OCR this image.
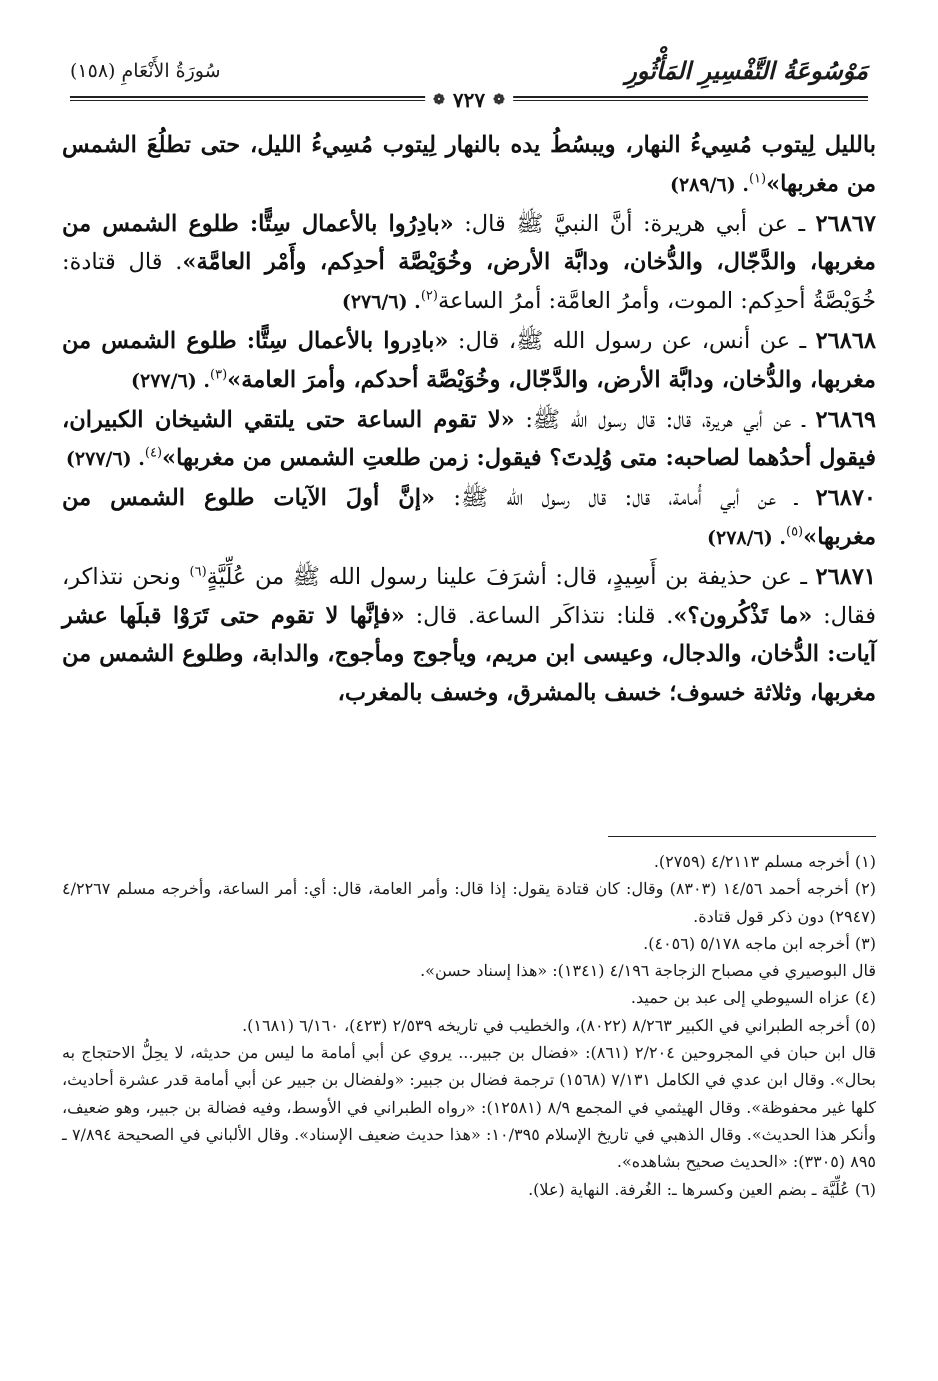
مَوْسُوعَةُ التَّفْسِيرِ المَأْثُورِ
سُورَةُ الأَنْعَامِ (١٥٨)
❁
٧٢٧
❁

بالليل لِيتوب مُسِيءُ النهار، ويبسُطُ يده بالنهار لِيتوب مُسِيءُ الليل، حتى تطلُعَ الشمس من مغربها»$^{(١)}$. (٢٨٩/٦)

٢٦٨٦٧ ـ عن أبي هريرة: أنَّ النبيَّ ﷺ قال: «بادِرُوا بالأعمال سِتًّا: طلوع الشمس من مغربها، والدَّجّال، والدُّخان، ودابَّة الأرض، وخُوَيْصَّة أحدِكم، وأَمْر العامَّة». قال قتادة: خُوَيْصَّةُ أحدِكم: الموت، وأمرُ العامَّة: أمرُ الساعة$^{(٢)}$. (٢٧٦/٦)

٢٦٨٦٨ ـ عن أنس، عن رسول الله ﷺ، قال: «بادِروا بالأعمال سِتًّا: طلوع الشمس من مغربها، والدُّخان، ودابَّة الأرض، والدَّجّال، وخُوَيْصَّة أحدكم، وأمرَ العامة»$^{(٣)}$. (٢٧٧/٦)

٢٦٨٦٩ ـ عن أبي هريرة، قال: قال رسول الله ﷺ: «لا تقوم الساعة حتى يلتقي الشيخان الكبيران، فيقول أحدُهما لصاحبه: متى وُلِدتَ؟ فيقول: زمن طلعتِ الشمس من مغربها»$^{(٤)}$. (٢٧٧/٦)

٢٦٨٧٠ ـ عن أبي أُمامة، قال: قال رسول الله ﷺ: «إنَّ أولَ الآيات طلوع الشمس من مغربها»$^{(٥)}$. (٢٧٨/٦)

٢٦٨٧١ ـ عن حذيفة بن أَسِيدٍ، قال: أشرَفَ علينا رسول الله ﷺ من عُلِّيَّةٍ$^{(٦)}$ ونحن نتذاكر، فقال: «ما تَذْكُرون؟». قلنا: نتذاكَر الساعة. قال: «فإنَّها لا تقوم حتى تَرَوْا قبلَها عشر آيات: الدُّخان، والدجال، وعيسى ابن مريم، ويأجوج ومأجوج، والدابة، وطلوع الشمس من مغربها، وثلاثة خسوف؛ خسف بالمشرق، وخسف بالمغرب،

(١) أخرجه مسلم ٤/٢١١٣ (٢٧٥٩).

(٢) أخرجه أحمد ١٤/٥٦ (٨٣٠٣) وقال: كان قتادة يقول: إذا قال: وأمر العامة، قال: أي: أمر الساعة، وأخرجه مسلم ٤/٢٢٦٧ (٢٩٤٧) دون ذكر قول قتادة.

(٣) أخرجه ابن ماجه ٥/١٧٨ (٤٠٥٦).

قال البوصيري في مصباح الزجاجة ٤/١٩٦ (١٣٤١): «هذا إسناد حسن».

(٤) عزاه السيوطي إلى عبد بن حميد.

(٥) أخرجه الطبراني في الكبير ٨/٢٦٣ (٨٠٢٢)، والخطيب في تاريخه ٢/٥٣٩ (٤٢٣)، ٦/١٦٠ (١٦٨١).

قال ابن حبان في المجروحين ٢/٢٠٤ (٨٦١): «فضال بن جبير... يروي عن أبي أمامة ما ليس من حديثه، لا يحِلُّ الاحتجاج به بحال». وقال ابن عدي في الكامل ٧/١٣١ (١٥٦٨) ترجمة فضال بن جبير: «ولفضال بن جبير عن أبي أمامة قدر عشرة أحاديث، كلها غير محفوظة». وقال الهيثمي في المجمع ٨/٩ (١٢٥٨١): «رواه الطبراني في الأوسط، وفيه فضالة بن جبير، وهو ضعيف، وأنكر هذا الحديث». وقال الذهبي في تاريخ الإسلام ١٠/٣٩٥: «هذا حديث ضعيف الإسناد». وقال الألباني في الصحيحة ٧/٨٩٤ ـ ٨٩٥ (٣٣٠٥): «الحديث صحيح بشاهده».

(٦) عُلِّيَّة ـ بضم العين وكسرها ـ: الغُرفة. النهاية (علا).
